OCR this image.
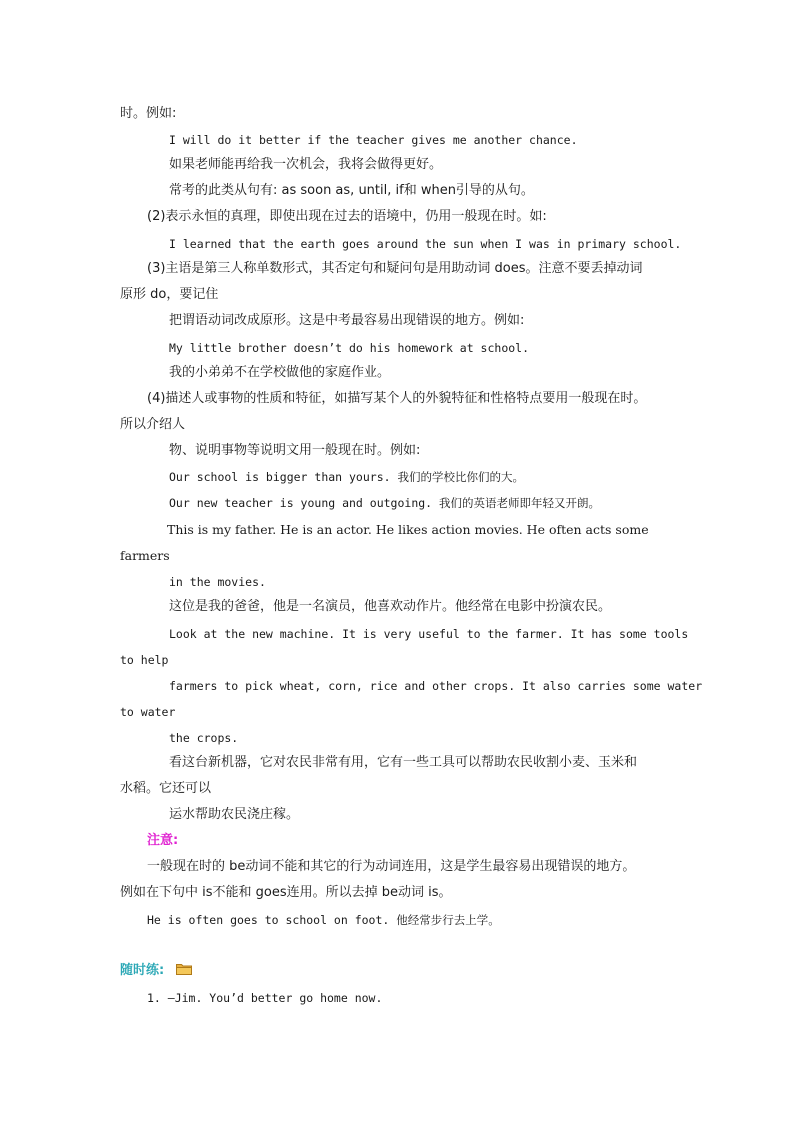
时。例如:
I will do it better if the teacher gives me another chance.
如果老师能再给我一次机会，我将会做得更好。
常考的此类从句有: as soon as, until, if和 when引导的从句。
(2)表示永恒的真理，即使出现在过去的语境中，仍用一般现在时。如:
I learned that the earth goes around the sun when I was in primary school.
(3)主语是第三人称单数形式，其否定句和疑问句是用助动词 does。注意不要丢掉动词
原形 do，要记住
把谓语动词改成原形。这是中考最容易出现错误的地方。例如:
My little brother doesn’t do his homework at school.
我的小弟弟不在学校做他的家庭作业。
(4)描述人或事物的性质和特征，如描写某个人的外貌特征和性格特点要用一般现在时。
所以介绍人
物、说明事物等说明文用一般现在时。例如:
Our school is bigger than yours. 我们的学校比你们的大。
Our new teacher is young and outgoing. 我们的英语老师即年轻又开朗。
This is my father. He is an actor. He likes action movies. He often acts some
farmers
in the movies.
这位是我的爸爸，他是一名演员，他喜欢动作片。他经常在电影中扮演农民。
Look at the new machine. It is very useful to the farmer. It has some tools
to help
farmers to pick wheat, corn, rice and other crops. It also carries some water
to water
the crops.
看这台新机器，它对农民非常有用，它有一些工具可以帮助农民收割小麦、玉米和
水稻。它还可以
运水帮助农民浇庄稼。
注意:
一般现在时的 be动词不能和其它的行为动词连用，这是学生最容易出现错误的地方。
例如在下句中 is不能和 goes连用。所以去掉 be动词 is。
He is often goes to school on foot. 他经常步行去上学。
随时练:
1. —Jim. You’d better go home now.
